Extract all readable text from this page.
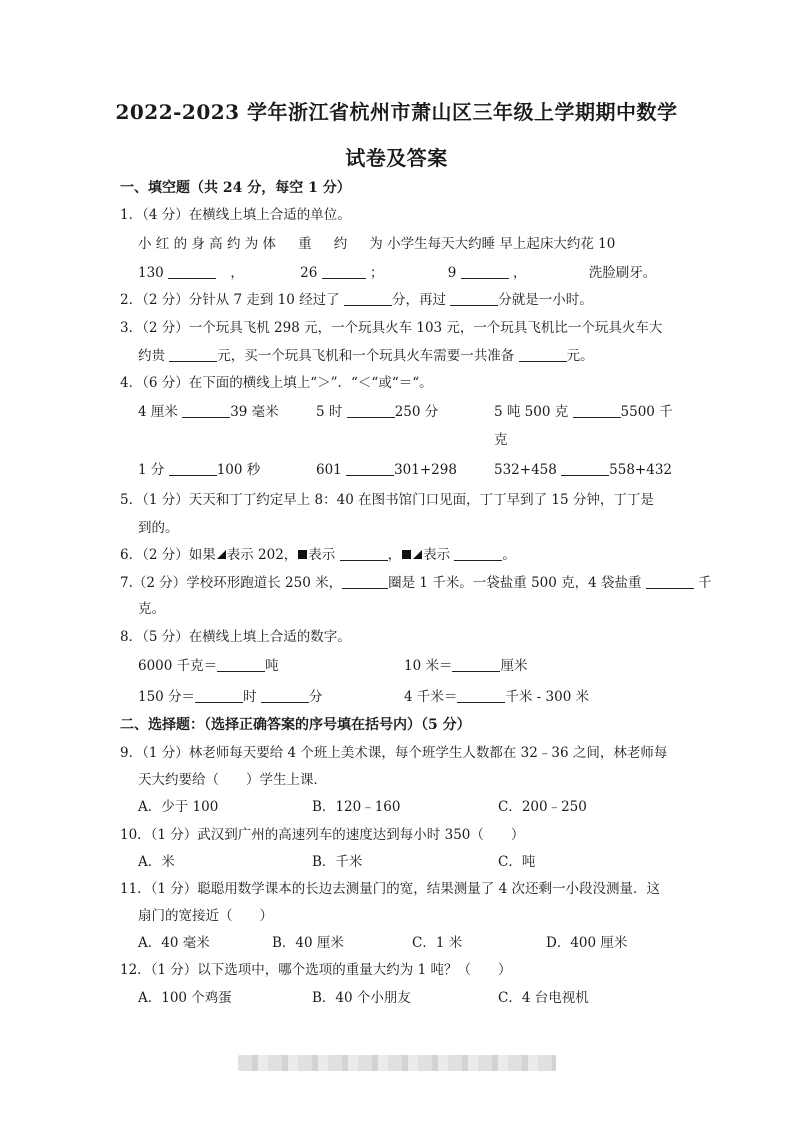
2022-2023 学年浙江省杭州市萧山区三年级上学期期中数学
试卷及答案
一、填空题（共 24 分，每空 1 分）
1．（4 分）在横线上填上合适的单位。
小 红 的 身 高 约 为 体 　 重 　 约 　 为 小学生每天大约睡 早上起床大约花 10
130	，	26	；	9	，	洗脸刷牙。
2．（2 分）分针从 7 走到 10 经过了	分，再过	分就是一小时。
3．（2 分）一个玩具飞机 298 元，一个玩具火车 103 元，一个玩具飞机比一个玩具火车大
约贵	元，买一个玩具飞机和一个玩具火车需要一共准备	元。
4．（6 分）在下面的横线上填上“＞”．“＜“或“＝“。
4 厘米	39 毫米	5 时	250 分	5 吨 500 克	5500 千
克
1 分	100 秒	601	301+298	532+458	558+432
5．（1 分）天天和丁丁约定早上 8：40 在图书馆门口见面，丁丁早到了 15 分钟，丁丁是
到的。
6．（2 分）如果 表示 202， 表示	， 表示	。
7.（2 分）学校环形跑道长 250 米，	圈是 1 千米。一袋盐重 500 克，4 袋盐重	千
克。
8．（5 分）在横线上填上合适的数字。
6000 千克＝	吨	10 米＝	厘米
150 分＝	时	分	4 千米＝	千米 - 300 米
二、选择题：（选择正确答案的序号填在括号内）（5 分）
9．（1 分）林老师每天要给 4 个班上美术课，每个班学生人数都在 32﹣36 之间，林老师每
天大约要给（　　）学生上课．
A．少于 100	B．120﹣160	C．200﹣250
10．（1 分）武汉到广州的高速列车的速度达到每小时 350（　　）
A．米	B．千米	C．吨
11．（1 分）聪聪用数学课本的长边去测量门的宽，结果测量了 4 次还剩一小段没测量．这
扇门的宽接近（　　）
A．40 毫米	B．40 厘米	C．1 米	D．400 厘米
12．（1 分）以下选项中，哪个选项的重量大约为 1 吨？（　　）
A．100 个鸡蛋	B．40 个小朋友	C．4 台电视机
